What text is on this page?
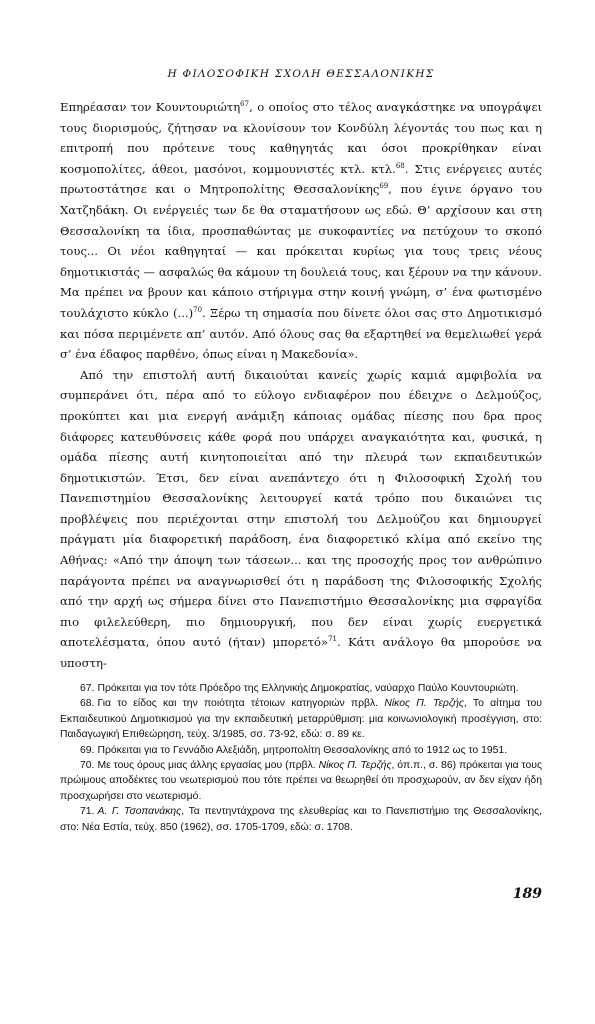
Η ΦΙΛΟΣΟΦΙΚΗ ΣΧΟΛΗ ΘΕΣΣΑΛΟΝΙΚΗΣ

Επηρέασαν τον Κουντουριώτη$^{67}$, ο οποίος στο τέλος αναγκάστηκε να υπογράψει τους διορισμούς, ζήτησαν να κλονίσουν τον Κονδύλη λέγοντάς του πως και η επιτροπή που πρότεινε τους καθηγητάς και όσοι προκρίθηκαν είναι κοσμοπολίτες, άθεοι, μασόνοι, κομμουνιστές κτλ. κτλ.$^{68}$. Στις ενέργειες αυτές πρωτοστάτησε και ο Μητροπολίτης Θεσσαλονίκης$^{69}$, που έγινε όργανο του Χατζηδάκη. Οι ενέργειές των δε θα σταματήσουν ως εδώ. Θ’ αρχίσουν και στη Θεσσαλονίκη τα ίδια, προσπαθώντας με συκοφαντίες να πετύχουν το σκοπό τους... Οι νέοι καθηγηταί — και πρόκειται κυρίως για τους τρεις νέους δημοτικιστάς — ασφαλώς θα κάμουν τη δουλειά τους, και ξέρουν να την κάνουν. Μα πρέπει να βρουν και κάποιο στήριγμα στην κοινή γνώμη, σ’ ένα φωτισμένο τουλάχιστο κύκλο (...)$^{70}$. Ξέρω τη σημασία που δίνετε όλοι σας στο Δημοτικισμό και πόσα περιμένετε απ’ αυτόν. Από όλους σας θα εξαρτηθεί να θεμελιωθεί γερά σ’ ένα έδαφος παρθένο, όπως είναι η Μακεδονία».

Από την επιστολή αυτή δικαιούται κανείς χωρίς καμιά αμφιβολία να συμπεράνει ότι, πέρα από το εύλογο ενδιαφέρον που έδειχνε ο Δελμούζος, προκύπτει και μια ενεργή ανάμιξη κάποιας ομάδας πίεσης που δρα προς διάφορες κατευθύνσεις κάθε φορά που υπάρχει αναγκαιότητα και, φυσικά, η ομάδα πίεσης αυτή κινητοποιείται από την πλευρά των εκπαιδευτικών δημοτικιστών. Έτσι, δεν είναι ανεπάντεχο ότι η Φιλοσοφική Σχολή του Πανεπιστημίου Θεσσαλονίκης λειτουργεί κατά τρόπο που δικαιώνει τις προβλέψεις που περιέχονται στην επιστολή του Δελμούζου και δημιουργεί πράγματι μία διαφορετική παράδοση, ένα διαφορετικό κλίμα από εκείνο της Αθήνας: «Από την άποψη των τάσεων... και της προσοχής προς τον ανθρώπινο παράγοντα πρέπει να αναγνωρισθεί ότι η παράδοση της Φιλοσοφικής Σχολής από την αρχή ως σήμερα δίνει στο Πανεπιστήμιο Θεσσαλονίκης μια σφραγίδα πιο φιλελεύθερη, πιο δημιουργική, που δεν είναι χωρίς ευεργετικά αποτελέσματα, όπου αυτό (ήταν) μπορετό»$^{71}$. Κάτι ανάλογο θα μπορούσε να υποστη-

67. Πρόκειται για τον τότε Πρόεδρο της Ελληνικής Δημοκρατίας, ναύαρχο Παύλο Κουντουριώτη.

68. Για το είδος και την ποιότητα τέτοιων κατηγοριών πρβλ. Νίκος Π. Τερζής, Το αίτημα του Εκπαιδευτικού Δημοτικισμού για την εκπαιδευτική μεταρρύθμιση: μια κοινωνιολογική προσέγγιση, στο: Παιδαγωγική Επιθεώρηση, τεύχ. 3/1985, σσ. 73-92, εδώ: σ. 89 κε.

69. Πρόκειται για το Γεννάδιο Αλεξιάδη, μητροπολίτη Θεσσαλονίκης από το 1912 ως το 1951.

70. Με τους όρους μιας άλλης εργασίας μου (πρβλ. Νίκος Π. Τερζής, όπ.π., σ. 86) πρόκειται για τους πρώιμους αποδέκτες του νεωτερισμού που τότε πρέπει να θεωρηθεί ότι προσχωρούν, αν δεν είχαν ήδη προσχωρήσει στο νεωτερισμό.

71. Α. Γ. Τσοπανάκης, Τα πεντηντάχρονα της ελευθερίας και το Πανεπιστήμιο της Θεσσαλονίκης, στο: Νέα Εστία, τεύχ. 850 (1962), σσ. 1705-1709, εδώ: σ. 1708.

189
